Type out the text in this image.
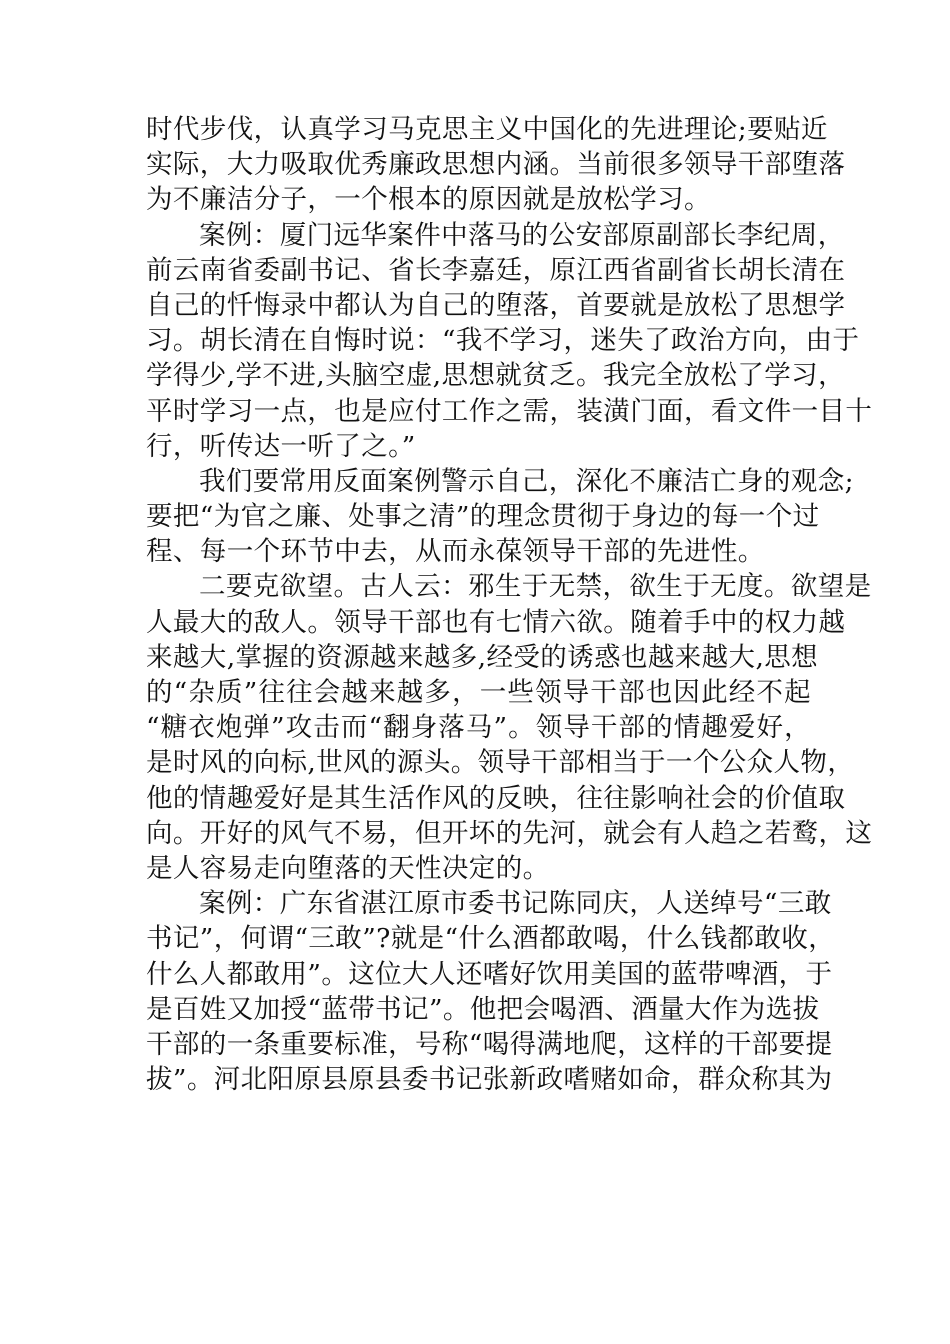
时代步伐，认真学习马克思主义中国化的先进理论;要贴近
实际，大力吸取优秀廉政思想内涵。当前很多领导干部堕落
为不廉洁分子，一个根本的原因就是放松学习。
案例：厦门远华案件中落马的公安部原副部长李纪周，
前云南省委副书记、省长李嘉廷，原江西省副省长胡长清在
自己的忏悔录中都认为自己的堕落，首要就是放松了思想学
习。胡长清在自悔时说：“我不学习，迷失了政治方向，由于
学得少,学不进,头脑空虚,思想就贫乏。我完全放松了学习，
平时学习一点，也是应付工作之需，装潢门面，看文件一目十
行，听传达一听了之。”
我们要常用反面案例警示自己，深化不廉洁亡身的观念;
要把“为官之廉、处事之清”的理念贯彻于身边的每一个过
程、每一个环节中去，从而永葆领导干部的先进性。
二要克欲望。古人云：邪生于无禁，欲生于无度。欲望是
人最大的敌人。领导干部也有七情六欲。随着手中的权力越
来越大,掌握的资源越来越多,经受的诱惑也越来越大,思想
的“杂质”往往会越来越多，一些领导干部也因此经不起
“糖衣炮弹”攻击而“翻身落马”。领导干部的情趣爱好，
是时风的向标,世风的源头。领导干部相当于一个公众人物，
他的情趣爱好是其生活作风的反映，往往影响社会的价值取
向。开好的风气不易，但开坏的先河，就会有人趋之若鹜，这
是人容易走向堕落的天性决定的。
案例：广东省湛江原市委书记陈同庆，人送绰号“三敢
书记”，何谓“三敢”?就是“什么酒都敢喝，什么钱都敢收，
什么人都敢用”。这位大人还嗜好饮用美国的蓝带啤酒，于
是百姓又加授“蓝带书记”。他把会喝酒、酒量大作为选拔
干部的一条重要标准，号称“喝得满地爬，这样的干部要提
拔”。河北阳原县原县委书记张新政嗜赌如命，群众称其为
